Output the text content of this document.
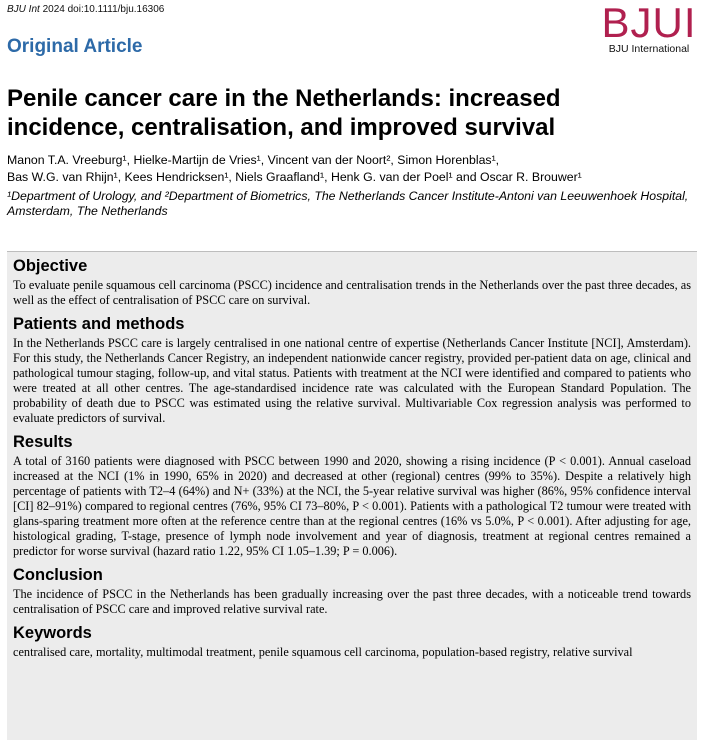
BJU Int 2024 doi:10.1111/bju.16306	BJUI
BJU International
Original Article
Penile cancer care in the Netherlands: increased incidence, centralisation, and improved survival
Manon T.A. Vreeburg¹, Hielke-Martijn de Vries¹, Vincent van der Noort², Simon Horenblas¹,
Bas W.G. van Rhijn¹, Kees Hendricksen¹, Niels Graafland¹, Henk G. van der Poel¹ and Oscar R. Brouwer¹
¹Department of Urology, and ²Department of Biometrics, The Netherlands Cancer Institute-Antoni van Leeuwenhoek Hospital, Amsterdam, The Netherlands
Objective

To evaluate penile squamous cell carcinoma (PSCC) incidence and centralisation trends in the Netherlands over the past three decades, as well as the effect of centralisation of PSCC care on survival.

Patients and methods

In the Netherlands PSCC care is largely centralised in one national centre of expertise (Netherlands Cancer Institute [NCI], Amsterdam). For this study, the Netherlands Cancer Registry, an independent nationwide cancer registry, provided per-patient data on age, clinical and pathological tumour staging, follow-up, and vital status. Patients with treatment at the NCI were identified and compared to patients who were treated at all other centres. The age-standardised incidence rate was calculated with the European Standard Population. The probability of death due to PSCC was estimated using the relative survival. Multivariable Cox regression analysis was performed to evaluate predictors of survival.

Results

A total of 3160 patients were diagnosed with PSCC between 1990 and 2020, showing a rising incidence (P < 0.001). Annual caseload increased at the NCI (1% in 1990, 65% in 2020) and decreased at other (regional) centres (99% to 35%). Despite a relatively high percentage of patients with T2–4 (64%) and N+ (33%) at the NCI, the 5-year relative survival was higher (86%, 95% confidence interval [CI] 82–91%) compared to regional centres (76%, 95% CI 73–80%, P < 0.001). Patients with a pathological T2 tumour were treated with glans-sparing treatment more often at the reference centre than at the regional centres (16% vs 5.0%, P < 0.001). After adjusting for age, histological grading, T-stage, presence of lymph node involvement and year of diagnosis, treatment at regional centres remained a predictor for worse survival (hazard ratio 1.22, 95% CI 1.05–1.39; P = 0.006).

Conclusion

The incidence of PSCC in the Netherlands has been gradually increasing over the past three decades, with a noticeable trend towards centralisation of PSCC care and improved relative survival rate.

Keywords

centralised care, mortality, multimodal treatment, penile squamous cell carcinoma, population-based registry, relative survival
